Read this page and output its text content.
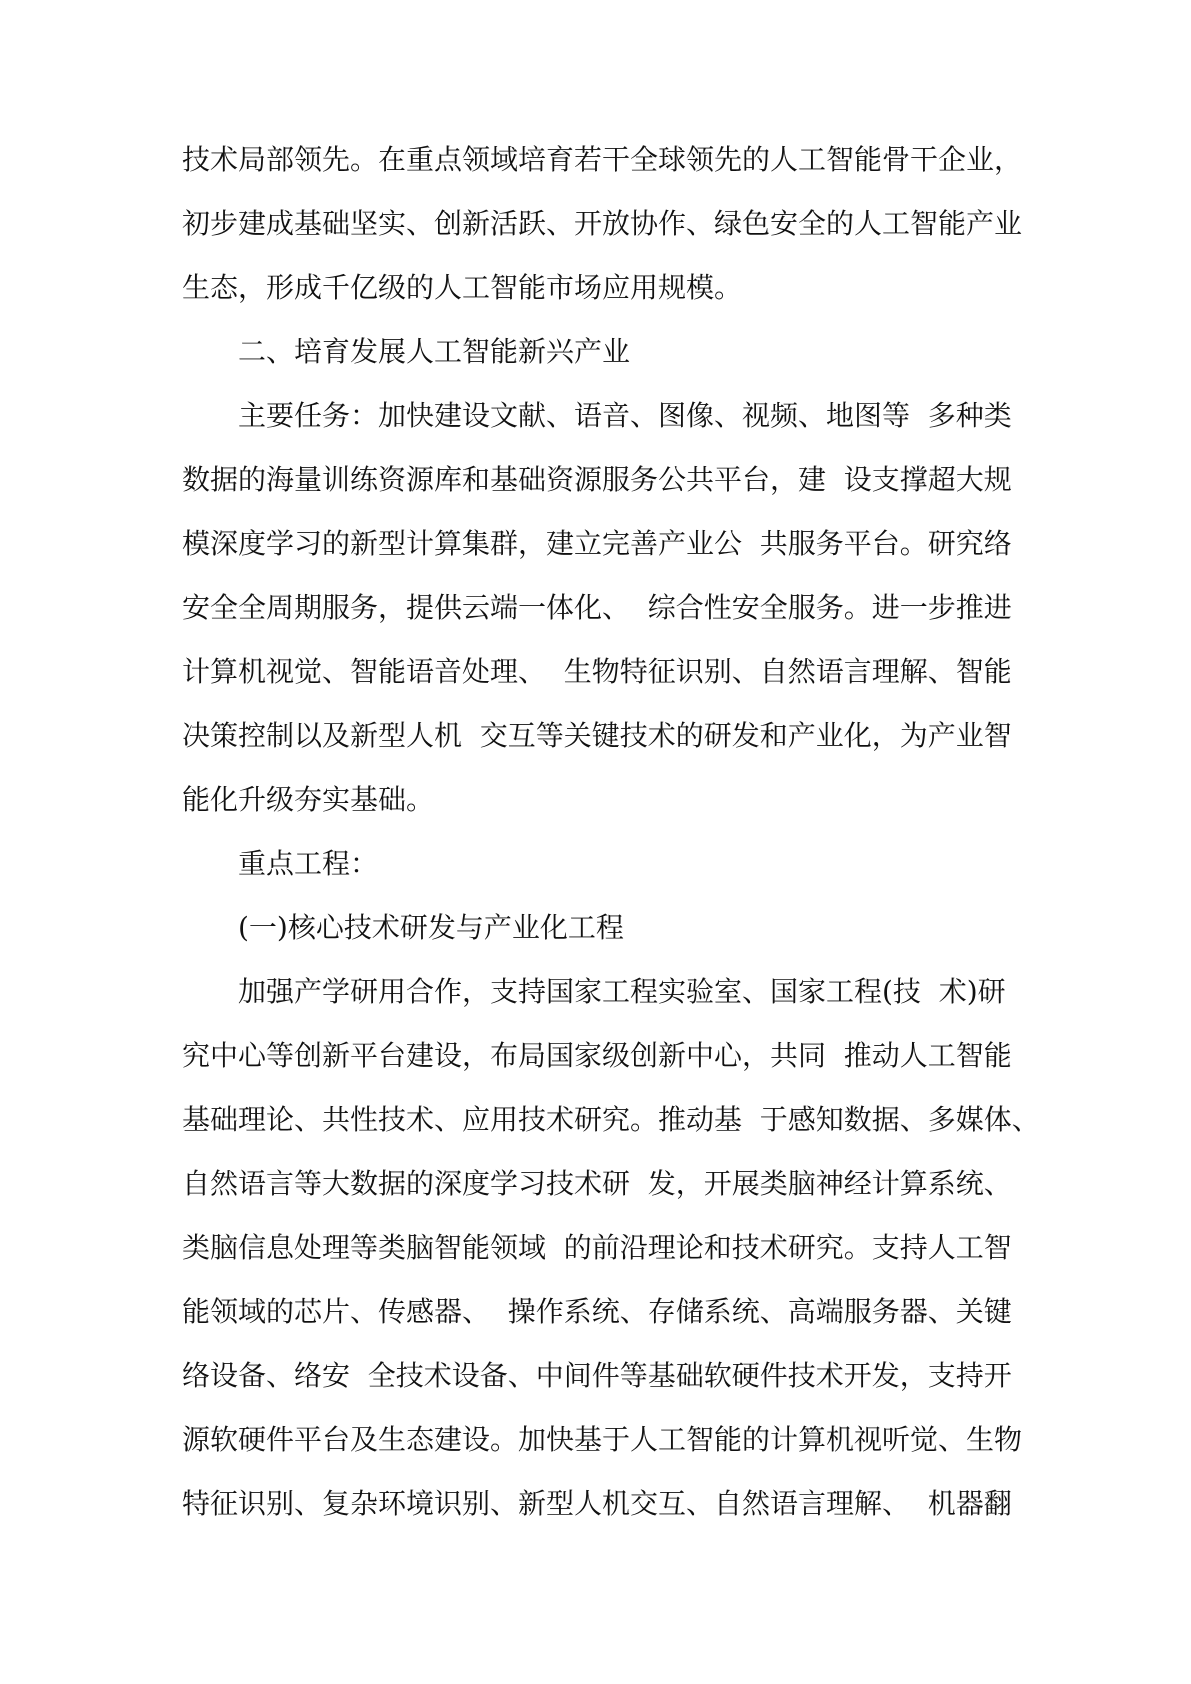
技术局部领先。在重点领域培育若干全球领先的人工智能骨干企业，
初步建成基础坚实、创新活跃、开放协作、绿色安全的人工智能产业
生态，形成千亿级的人工智能市场应用规模。
二、培育发展人工智能新兴产业
主要任务：加快建设文献、语音、图像、视频、地图等  多种类
数据的海量训练资源库和基础资源服务公共平台，建  设支撑超大规
模深度学习的新型计算集群，建立完善产业公  共服务平台。研究络
安全全周期服务，提供云端一体化、  综合性安全服务。进一步推进
计算机视觉、智能语音处理、  生物特征识别、自然语言理解、智能
决策控制以及新型人机  交互等关键技术的研发和产业化，为产业智
能化升级夯实基础。
重点工程：
(一)核心技术研发与产业化工程
加强产学研用合作，支持国家工程实验室、国家工程(技  术)研
究中心等创新平台建设，布局国家级创新中心，共同  推动人工智能
基础理论、共性技术、应用技术研究。推动基  于感知数据、多媒体、
自然语言等大数据的深度学习技术研  发，开展类脑神经计算系统、
类脑信息处理等类脑智能领域  的前沿理论和技术研究。支持人工智
能领域的芯片、传感器、  操作系统、存储系统、高端服务器、关键
络设备、络安  全技术设备、中间件等基础软硬件技术开发，支持开
源软硬件平台及生态建设。加快基于人工智能的计算机视听觉、生物
特征识别、复杂环境识别、新型人机交互、自然语言理解、  机器翻
